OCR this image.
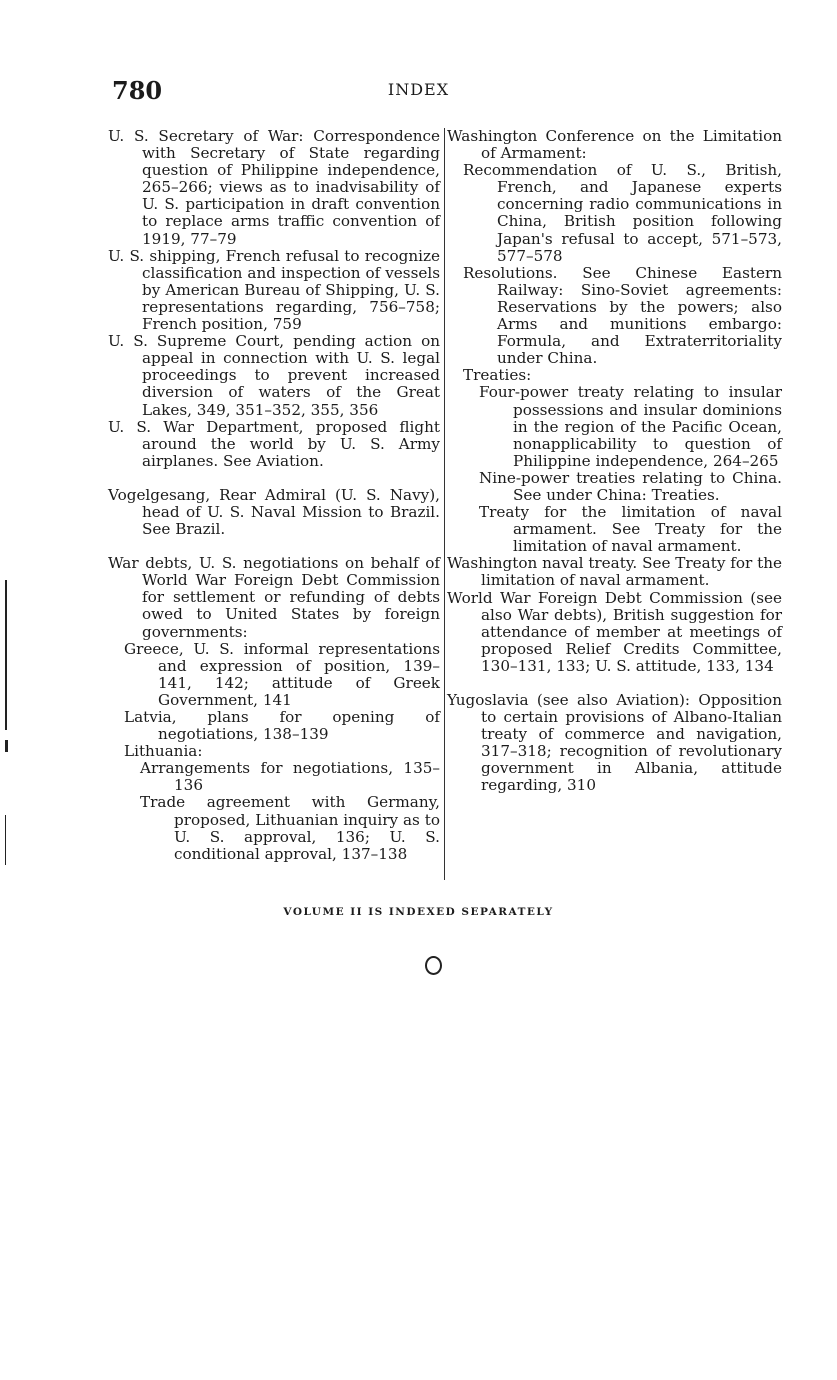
780	INDEX
U. S. Secretary of War: Correspondence with Secretary of State regarding question of Philippine independence, 265–266; views as to inadvisability of U. S. participation in draft convention to replace arms traffic convention of 1919, 77–79
U. S. shipping, French refusal to recognize classification and inspection of vessels by American Bureau of Shipping, U. S. representations regarding, 756–758; French position, 759
U. S. Supreme Court, pending action on appeal in connection with U. S. legal proceedings to prevent increased diversion of waters of the Great Lakes, 349, 351–352, 355, 356
U. S. War Department, proposed flight around the world by U. S. Army airplanes. See Aviation.
Vogelgesang, Rear Admiral (U. S. Navy), head of U. S. Naval Mission to Brazil. See Brazil.
War debts, U. S. negotiations on behalf of World War Foreign Debt Commission for settlement or refunding of debts owed to United States by foreign governments:
Greece, U. S. informal representations and expression of position, 139–141, 142; attitude of Greek Government, 141
Latvia, plans for opening of negotiations, 138–139
Lithuania:
Arrangements for negotiations, 135–136
Trade agreement with Germany, proposed, Lithuanian inquiry as to U. S. approval, 136; U. S. conditional approval, 137–138
Washington Conference on the Limitation of Armament:
Recommendation of U. S., British, French, and Japanese experts concerning radio communications in China, British position following Japan's refusal to accept, 571–573, 577–578
Resolutions. See Chinese Eastern Railway: Sino-Soviet agreements: Reservations by the powers; also Arms and munitions embargo: Formula, and Extraterritoriality under China.
Treaties:
Four-power treaty relating to insular possessions and insular dominions in the region of the Pacific Ocean, nonapplicability to question of Philippine independence, 264–265
Nine-power treaties relating to China. See under China: Treaties.
Treaty for the limitation of naval armament. See Treaty for the limitation of naval armament.
Washington naval treaty. See Treaty for the limitation of naval armament.
World War Foreign Debt Commission (see also War debts), British suggestion for attendance of member at meetings of proposed Relief Credits Committee, 130–131, 133; U. S. attitude, 133, 134
Yugoslavia (see also Aviation): Opposition to certain provisions of Albano-Italian treaty of commerce and navigation, 317–318; recognition of revolutionary government in Albania, attitude regarding, 310
VOLUME II IS INDEXED SEPARATELY
